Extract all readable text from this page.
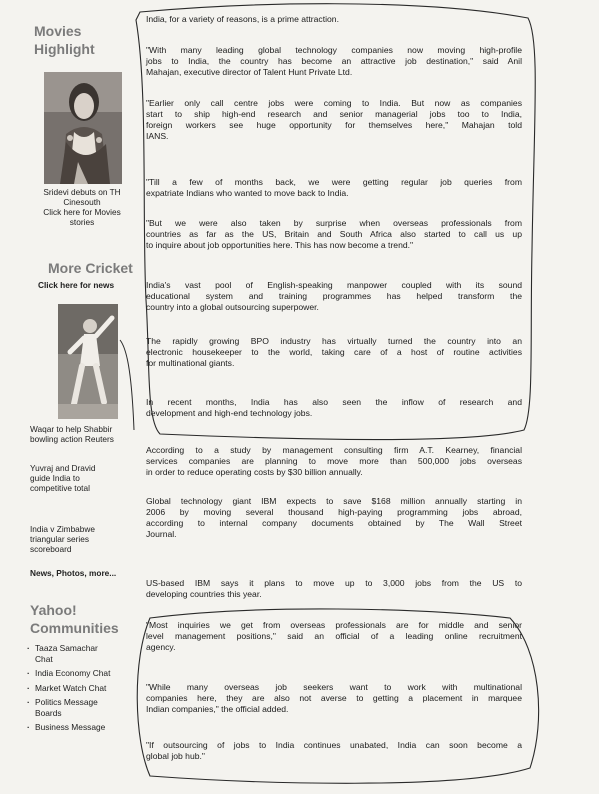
Movies
Highlight
Sridevi debuts on TH
Cinesouth
Click here for Movies
stories
More Cricket
Click here for news
Waqar to help Shabbir
bowling action Reuters
Yuvraj and Dravid
guide India to
competitive total
India v Zimbabwe
triangular series
scoreboard
News, Photos, more...
Yahoo!
Communities
· Taaza Samachar
Chat
· India Economy Chat
· Market Watch Chat
· Politics Message
Boards
· Business Message
India, for a variety of reasons, is a prime attraction.
"With many leading global technology companies now moving high-profile
jobs to India, the country has become an attractive job destination," said Anil
Mahajan, executive director of Talent Hunt Private Ltd.
"Earlier only call centre jobs were coming to India. But now as companies
start to ship high-end research and senior managerial jobs too to India,
foreign workers see huge opportunity for themselves here," Mahajan told
IANS.
"Till a few of months back, we were getting regular job queries from
expatriate Indians who wanted to move back to India.
"But we were also taken by surprise when overseas professionals from
countries as far as the US, Britain and South Africa also started to call us up
to inquire about job opportunities here. This has now become a trend."
India's vast pool of English-speaking manpower coupled with its sound
educational system and training programmes has helped transform the
country into a global outsourcing superpower.
The rapidly growing BPO industry has virtually turned the country into an
electronic housekeeper to the world, taking care of a host of routine activities
for multinational giants.
In recent months, India has also seen the inflow of research and
development and high-end technology jobs.
According to a study by management consulting firm A.T. Kearney, financial
services companies are planning to move more than 500,000 jobs overseas
in order to reduce operating costs by $30 billion annually.
Global technology giant IBM expects to save $168 million annually starting in
2006 by moving several thousand high-paying programming jobs abroad,
according to internal company documents obtained by The Wall Street
Journal.
US-based IBM says it plans to move up to 3,000 jobs from the US to
developing countries this year.
"Most inquiries we get from overseas professionals are for middle and senior
level management positions," said an official of a leading online recruitment
agency.
"While many overseas job seekers want to work with multinational
companies here, they are also not averse to getting a placement in marquee
Indian companies," the official added.
"If outsourcing of jobs to India continues unabated, India can soon become a
global job hub."
